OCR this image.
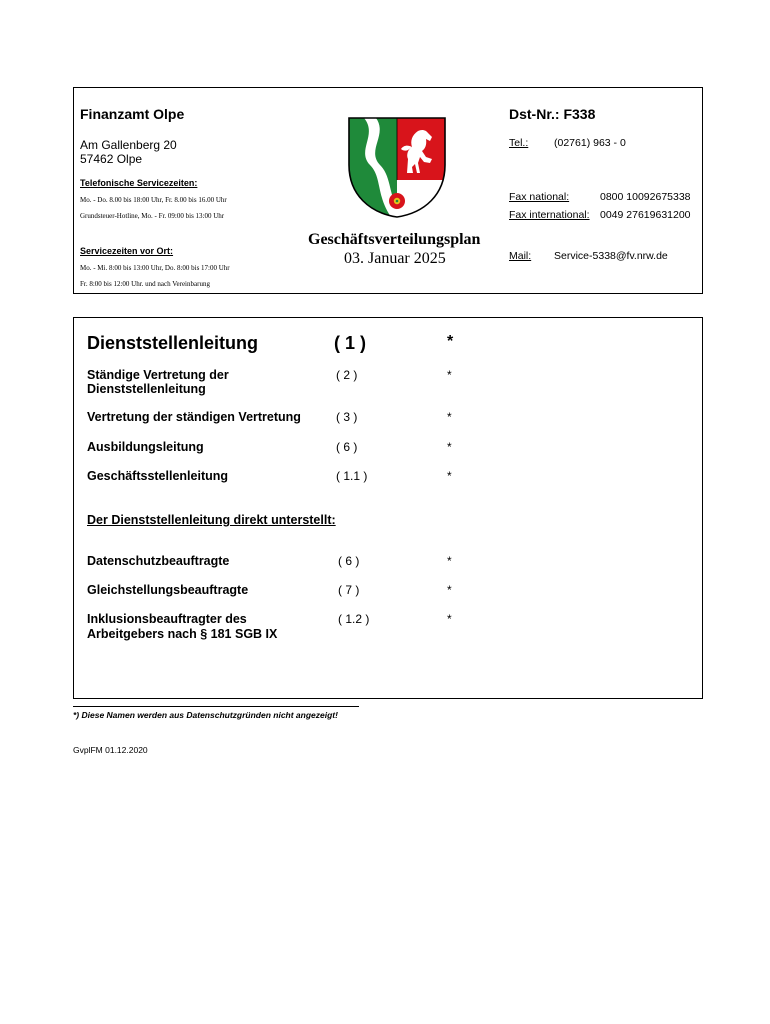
Finanzamt Olpe
Am Gallenberg 20
57462 Olpe
Telefonische Servicezeiten:
Mo. - Do. 8.00 bis 18:00 Uhr, Fr. 8.00 bis 16.00 Uhr
Grundsteuer-Hotline, Mo. - Fr. 09:00 bis 13:00 Uhr
Servicezeiten vor Ort:
Mo. - Mi. 8:00 bis 13:00 Uhr, Do. 8:00 bis 17:00 Uhr
Fr. 8:00 bis 12:00 Uhr. und nach Vereinbarung
Geschäftsverteilungsplan
03. Januar 2025
Dst-Nr.: F338
Tel.: (02761) 963 - 0
Fax national:	0800 10092675338
Fax international: 0049 27619631200
Mail: Service-5338@fv.nrw.de
Dienststellenleitung	( 1 )	*
Ständige Vertretung der
Dienststellenleitung
( 2 )	*
Vertretung der ständigen Vertretung	( 3 )	*
Ausbildungsleitung	( 6 )	*
Geschäftsstellenleitung	( 1.1 )	*
Der Dienststellenleitung direkt unterstellt:
Datenschutzbeauftragte	( 6 )	*
Gleichstellungsbeauftragte	( 7 )	*
Inklusionsbeauftragter des
Arbeitgebers nach § 181 SGB IX
( 1.2 )	*
*) Diese Namen werden aus Datenschutzgründen nicht angezeigt!
GvplFM 01.12.2020
